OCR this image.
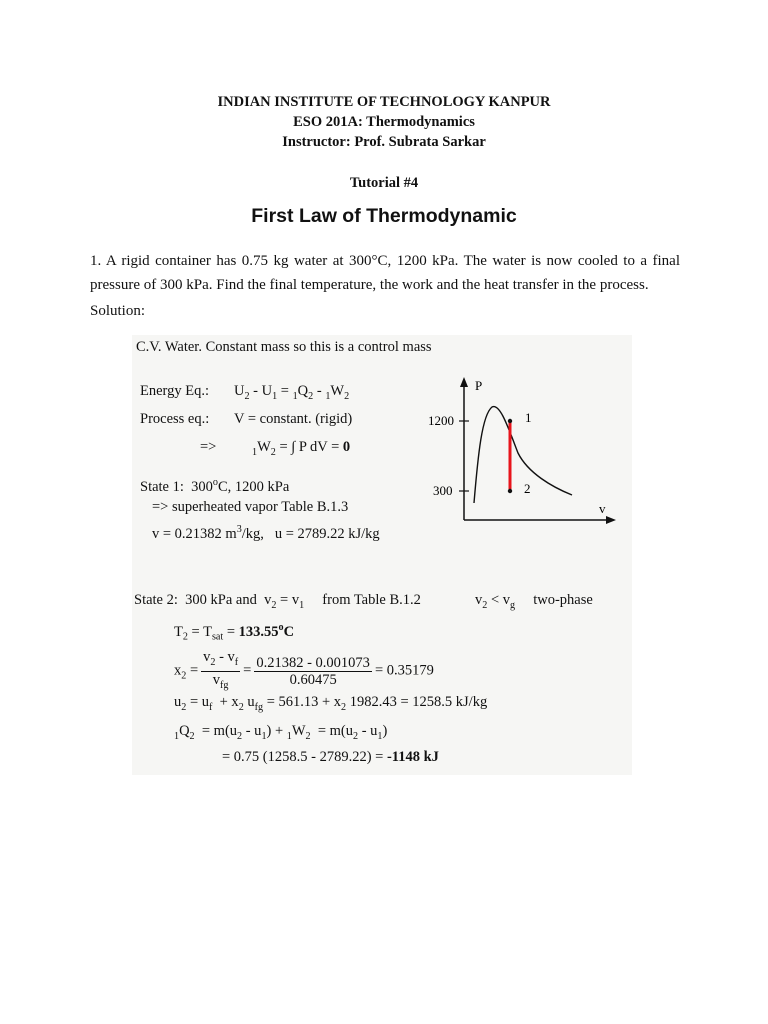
INDIAN INSTITUTE OF TECHNOLOGY KANPUR
ESO 201A: Thermodynamics
Instructor: Prof. Subrata Sarkar
Tutorial #4
First Law of Thermodynamic
1. A rigid container has 0.75 kg water at 300°C, 1200 kPa. The water is now cooled to a final pressure of 300 kPa. Find the final temperature, the work and the heat transfer in the process.
Solution:
C.V. Water. Constant mass so this is a control mass
Energy Eq.: $U_2 - U_1 = _1Q_2 - _1W_2$
Process eq.: V = constant. (rigid)
=>	$_1W_2$ = ∫ P dV = 0
State 1: 300$^o$C, 1200 kPa
=> superheated vapor Table B.1.3
v = 0.21382 $m^3/kg$, u = 2789.22 kJ/kg
1200
300
P
v
1
2
State 2: 300 kPa and  $v_2 = v_1$ from Table B.1.2	$v_2 < v_g$ two-phase
$T_2 = T_{sat} = 133.55^oC$
$x_2 = \frac{v_2 - v_f}{v_{fg}} = \frac{0.21382 - 0.001073}{0.60475} = 0.35179$
$u_2 = u_f + x_2$ $u_{fg} = 561.13 + x_2$ 1982.43 = 1258.5 kJ/kg
$_1Q_2 = m(u_2 - u_1) + _1W_2 = m(u_2 - u_1)$
= 0.75 (1258.5 - 2789.22) = -1148 kJ
